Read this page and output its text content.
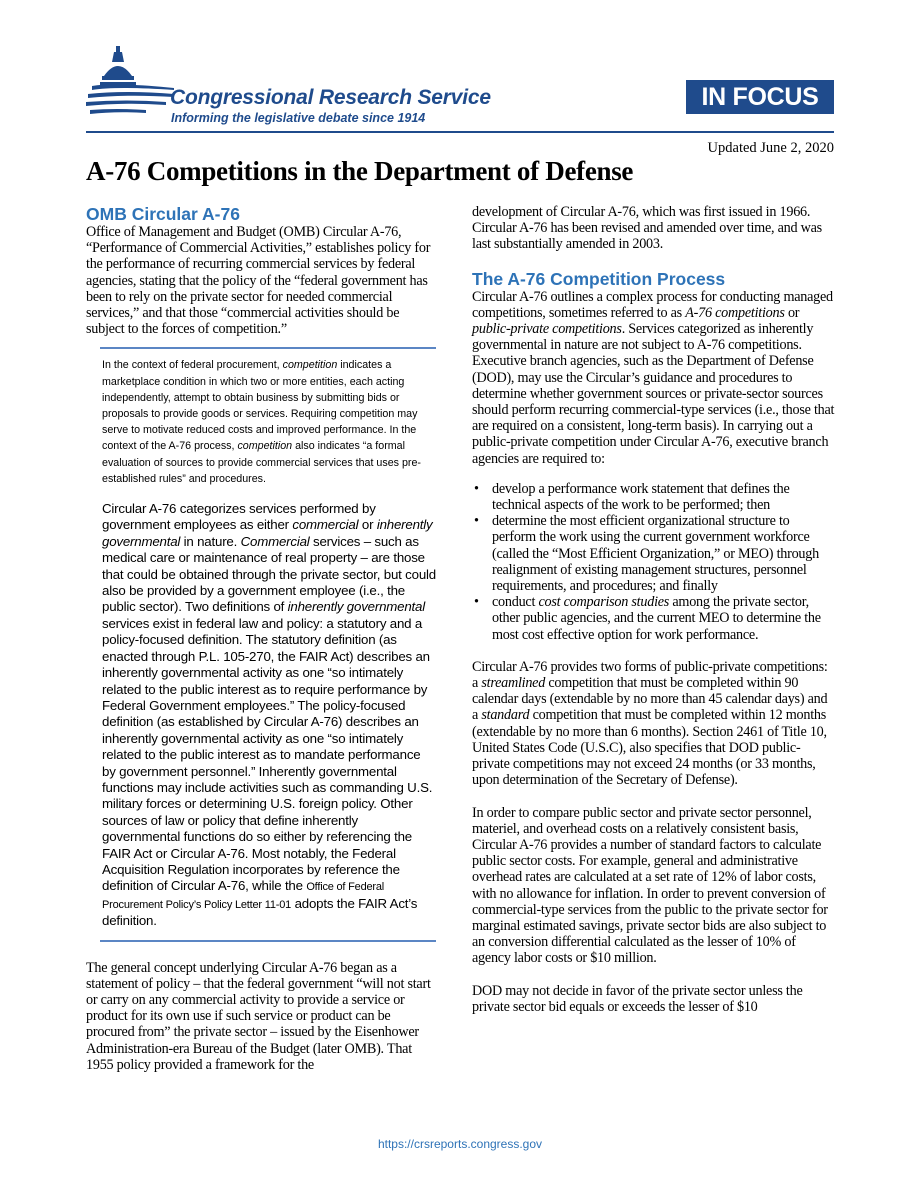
Congressional Research Service
Informing the legislative debate since 1914
IN FOCUS
Updated June 2, 2020
A-76 Competitions in the Department of Defense
OMB Circular A-76

Office of Management and Budget (OMB) Circular A-76, “Performance of Commercial Activities,” establishes policy for the performance of recurring commercial services by federal agencies, stating that the policy of the “federal government has been to rely on the private sector for needed commercial services,” and that those “commercial activities should be subject to the forces of competition.”

In the context of federal procurement, competition indicates a marketplace condition in which two or more entities, each acting independently, attempt to obtain business by submitting bids or proposals to provide goods or services. Requiring competition may serve to motivate reduced costs and improved performance. In the context of the A-76 process, competition also indicates “a formal evaluation of sources to provide commercial services that uses pre-established rules” and procedures.

Circular A-76 categorizes services performed by government employees as either commercial or inherently governmental in nature. Commercial services – such as medical care or maintenance of real property – are those that could be obtained through the private sector, but could also be provided by a government employee (i.e., the public sector). Two definitions of inherently governmental services exist in federal law and policy: a statutory and a policy-focused definition. The statutory definition (as enacted through P.L. 105-270, the FAIR Act) describes an inherently governmental activity as one “so intimately related to the public interest as to require performance by Federal Government employees.” The policy-focused definition (as established by Circular A-76) describes an inherently governmental activity as one “so intimately related to the public interest as to mandate performance by government personnel.” Inherently governmental functions may include activities such as commanding U.S. military forces or determining U.S. foreign policy. Other sources of law or policy that define inherently governmental functions do so either by referencing the FAIR Act or Circular A-76. Most notably, the Federal Acquisition Regulation incorporates by reference the definition of Circular A-76, while the Office of Federal Procurement Policy’s Policy Letter 11-01 adopts the FAIR Act’s definition.

The general concept underlying Circular A-76 began as a statement of policy – that the federal government “will not start or carry on any commercial activity to provide a service or product for its own use if such service or product can be procured from” the private sector – issued by the Eisenhower Administration-era Bureau of the Budget (later OMB). That 1955 policy provided a framework for the

development of Circular A-76, which was first issued in 1966. Circular A-76 has been revised and amended over time, and was last substantially amended in 2003.

The A-76 Competition Process

Circular A-76 outlines a complex process for conducting managed competitions, sometimes referred to as A-76 competitions or public-private competitions. Services categorized as inherently governmental in nature are not subject to A-76 competitions. Executive branch agencies, such as the Department of Defense (DOD), may use the Circular’s guidance and procedures to determine whether government sources or private-sector sources should perform recurring commercial-type services (i.e., those that are required on a consistent, long-term basis). In carrying out a public-private competition under Circular A-76, executive branch agencies are required to:

• develop a performance work statement that defines the technical aspects of the work to be performed; then
• determine the most efficient organizational structure to perform the work using the current government workforce (called the “Most Efficient Organization,” or MEO) through realignment of existing management structures, personnel requirements, and procedures; and finally
• conduct cost comparison studies among the private sector, other public agencies, and the current MEO to determine the most cost effective option for work performance.

Circular A-76 provides two forms of public-private competitions: a streamlined competition that must be completed within 90 calendar days (extendable by no more than 45 calendar days) and a standard competition that must be completed within 12 months (extendable by no more than 6 months). Section 2461 of Title 10, United States Code (U.S.C), also specifies that DOD public-private competitions may not exceed 24 months (or 33 months, upon determination of the Secretary of Defense).

In order to compare public sector and private sector personnel, materiel, and overhead costs on a relatively consistent basis, Circular A-76 provides a number of standard factors to calculate public sector costs. For example, general and administrative overhead rates are calculated at a set rate of 12% of labor costs, with no allowance for inflation. In order to prevent conversion of commercial-type services from the public to the private sector for marginal estimated savings, private sector bids are also subject to an conversion differential calculated as the lesser of 10% of agency labor costs or $10 million.

DOD may not decide in favor of the private sector unless the private sector bid equals or exceeds the lesser of $10

https://crsreports.congress.gov
